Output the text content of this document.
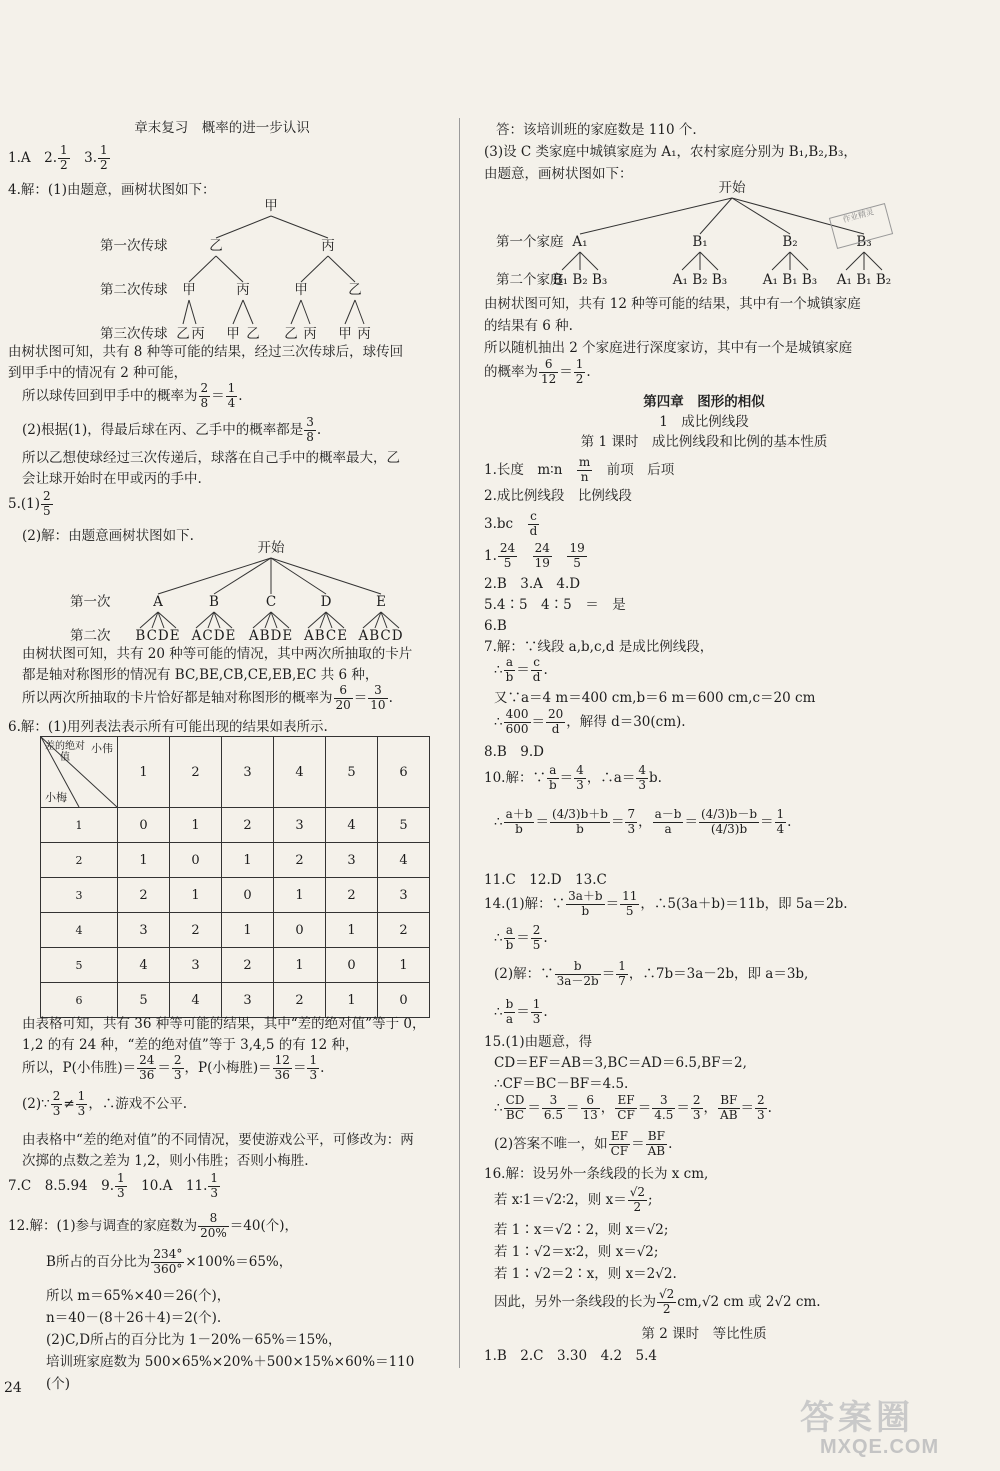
章末复习　概率的进一步认识
1.A　2. $\frac{1}{2}$ 　3. $\frac{1}{2}$
4.解：(1)由题意，画树状图如下：
甲
第一次传球	乙	丙
第二次传球 甲	丙	甲	乙
第三次传球 乙 丙 甲 乙 乙 丙 甲 丙
由树状图可知，共有 8 种等可能的结果，经过三次传球后，球传回
到甲手中的情况有 2 种可能，
所以球传回到甲手中的概率为 $\frac{2}{8} = \frac{1}{4}$ .
(2)根据(1)，得最后球在丙、乙手中的概率都是 $\frac{3}{8}$ .
所以乙想使球经过三次传递后，球落在自己手中的概率最大，乙
会让球开始时在甲或丙的手中.
$5.(1) \frac{2}{5}$
(2)解：由题意画树状图如下.
开始
第一次	A	B	C	D	E
第二次 BCDE ACDE ABDE ABCE ABCD
由树状图可知，共有 20 种等可能的情况，其中两次所抽取的卡片
都是轴对称图形的情况有 BC,BE,CB,CE,EB,EC 共 6 种，
所以两次所抽取的卡片恰好都是轴对称图形的概率为 $\frac{6}{20} = \frac{3}{10}$ .
6.解：(1)用列表法表示所有可能出现的结果如表所示.
小伟
差的绝对值
小梅	1	2	3	4	5	6
1	0	1	2	3	4	5
2	1	0	1	2	3	4
3	2	1	0	1	2	3
4	3	2	1	0	1	2
5	4	3	2	1	0	1
6	5	4	3	2	1	0
由表格可知，共有 36 种等可能的结果，其中“差的绝对值”等于 0，
1,2 的有 24 种，“差的绝对值”等于 3,4,5 的有 12 种，
所以，P(小伟胜)＝ $\frac{24}{36} = \frac{2}{3}$ ，P(小梅胜)＝ $\frac{12}{36} = \frac{1}{3}$ .
(2)∵ $\frac{2}{3} \ne \frac{1}{3}$ ，∴游戏不公平.
由表格中“差的绝对值”的不同情况，要使游戏公平，可修改为：两
次掷的点数之差为 1,2，则小伟胜；否则小梅胜.
7.C　8.5.94　9. $\frac{1}{3}$ 　10.A　11. $\frac{1}{3}$
12.解：(1)参与调查的家庭数为 $\frac{8}{20\%} =40$(个)，
B所占的百分比为 $\frac{234^\circ}{360^\circ} \times 100\%=65\%$，
所以 m＝65%×40＝26(个)，
n＝40－(8＋26＋4)＝2(个).
(2)C,D所占的百分比为 1－20%－65%＝15%，
培训班家庭数为 500×65%×20%＋500×15%×60%＝110
(个)
答：该培训班的家庭数是 110 个.
(3)设 C 类家庭中城镇家庭为 A₁，农村家庭分别为 B₁,B₂,B₃，
由题意，画树状图如下：
开始
第一个家庭 A₁	B₁	B₂	B₃
第二个家庭
B₁ B₂ B₃	A₁ B₂ B₃	A₁ B₁ B₃ A₁ B₁ B₂
由树状图可知，共有 12 种等可能的结果，其中有一个城镇家庭
的结果有 6 种.
所以随机抽出 2 个家庭进行深度家访，其中有一个是城镇家庭
的概率为 $\frac{6}{12} = \frac{1}{2}$ .
第四章　图形的相似
1　成比例线段
第 1 课时　成比例线段和比例的基本性质
1.长度　m∶n　 $\frac{m}{n}$
　 前项　后项
2.成比例线段　比例线段
3.bc　 $\frac{c}{d}$
1. $\frac{24}{5}$
　 $\frac{24}{19}$
　 $\frac{19}{5}$
2.B　3.A　4.D
5.4∶5　4∶5　＝　是
6.B
7.解：∵线段 a,b,c,d 是成比例线段，
∴ $\frac{a}{b} = \frac{c}{d}$ .
又∵a＝4 m＝400 cm,b＝6 m＝600 cm,c＝20 cm
∴ $\frac{400}{600} = \frac{20}{d}$ ，解得 d＝30(cm).
8.B　9.D
10.解：∵ $\frac{a}{b} = \frac{4}{3}$ ，∴a＝ $\frac{4}{3} b$.
∴ $\frac{a+b}{b} = \frac{(4/3)b+b}{b} = \frac{7}{3}$ ， $\frac{a-b}{a} = \frac{(4/3)b-b}{(4/3)b} = \frac{1}{4}$ .
11.C　12.D　13.C
14.(1)解：∵ $\frac{3a+b}{b} = \frac{11}{5}$ ，∴5(3a＋b)＝11b，即 5a＝2b.
∴ $\frac{a}{b} = \frac{2}{5}$ .
(2)解：∵ $\frac{b}{3a-2b} = \frac{1}{7}$ ，∴7b＝3a－2b，即 a＝3b,
∴ $\frac{b}{a} = \frac{1}{3}$ .
15.(1)由题意，得
CD＝EF＝AB＝3,BC＝AD＝6.5,BF＝2,
∴CF＝BC－BF＝4.5.
∴ $\frac{CD}{BC} = \frac{3}{6.5} = \frac{6}{13}$ ， $\frac{EF}{CF} = \frac{3}{4.5} = \frac{2}{3}$ ， $\frac{BF}{AB} = \frac{2}{3}$ .
(2)答案不唯一，如 $\frac{EF}{CF} = \frac{BF}{AB}$ .
16.解：设另外一条线段的长为 x cm,
若 x∶1＝√2∶2，则 $x= \frac{√2}{2}$ ;
若 1∶x＝√2∶2，则 x＝√2;
若 1∶√2＝x∶2，则 x＝√2;
若 1∶√2＝2∶x，则 x＝2√2.
因此，另外一条线段的长为 $\frac{√2}{2} cm,√2$ cm 或 2√2 cm.
第 2 课时　等比性质
1.B　2.C　3.30　4.2　5.4
作业精灵
24
答案圈
MXQE.COM
